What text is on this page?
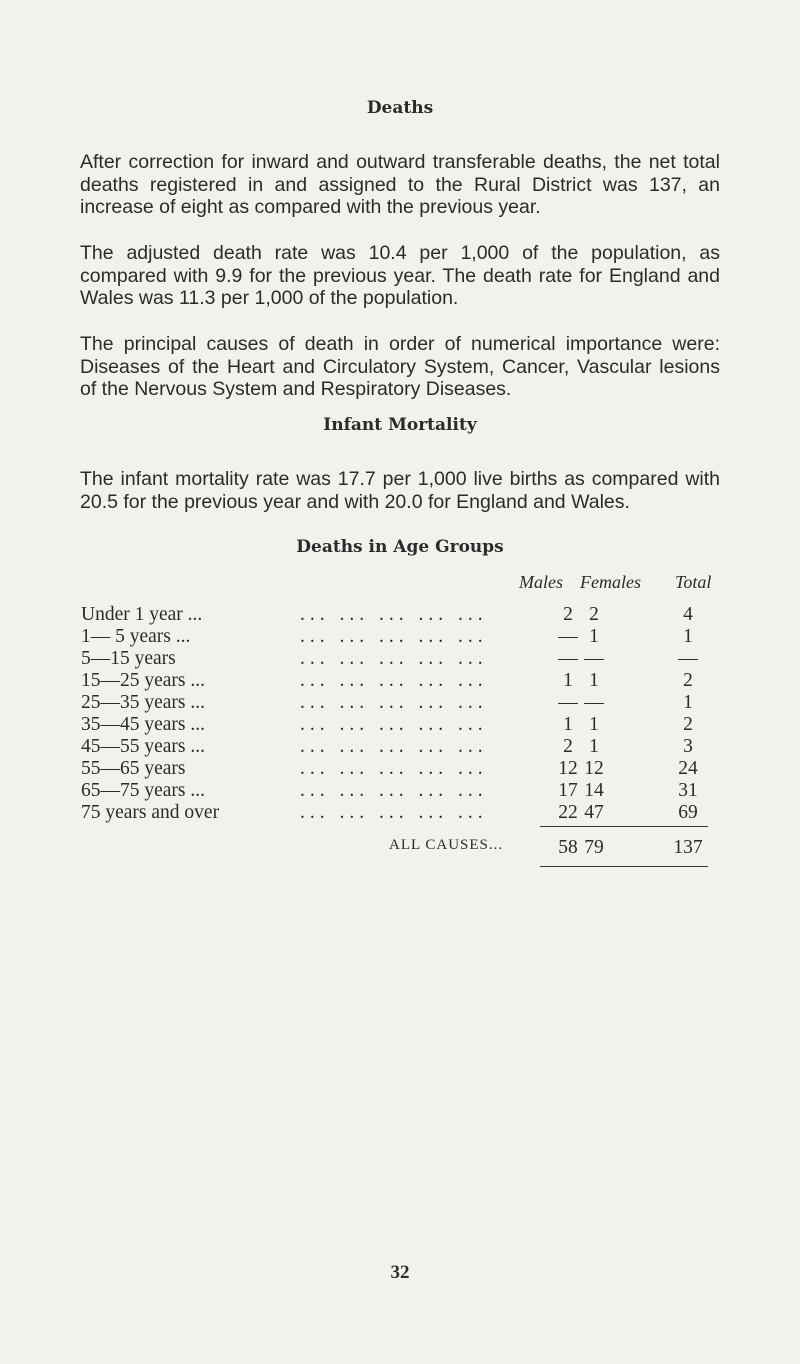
Deaths

After correction for inward and outward transferable deaths, the net total deaths registered in and assigned to the Rural District was 137, an increase of eight as compared with the previous year.

The adjusted death rate was 10.4 per 1,000 of the population, as compared with 9.9 for the previous year. The death rate for England and Wales was 11.3 per 1,000 of the population.

The principal causes of death in order of numerical importance were: Diseases of the Heart and Circulatory System, Cancer, Vascular lesions of the Nervous System and Respiratory Diseases.

Infant Mortality

The infant mortality rate was 17.7 per 1,000 live births as compared with 20.5 for the previous year and with 20.0 for England and Wales.

Deaths in Age Groups
Males Females Total
Under 1 year ...	... ... ... ... ...	2 2	4
1— 5 years ...	... ... ... ... ...	— 1	1
5—15 years	... ... ... ... ...	— —	—
15—25 years ...	... ... ... ... ...	1 1	2
25—35 years ...	... ... ... ... ...	— —	1
35—45 years ...	... ... ... ... ...	1 1	2
45—55 years ...	... ... ... ... ...	2 1	3
55—65 years	... ... ... ... ...	12 12	24
65—75 years ...	... ... ... ... ...	17 14	31
75 years and over	... ... ... ... ...	22 47	69
ALL CAUSES...	58 79	137
32
